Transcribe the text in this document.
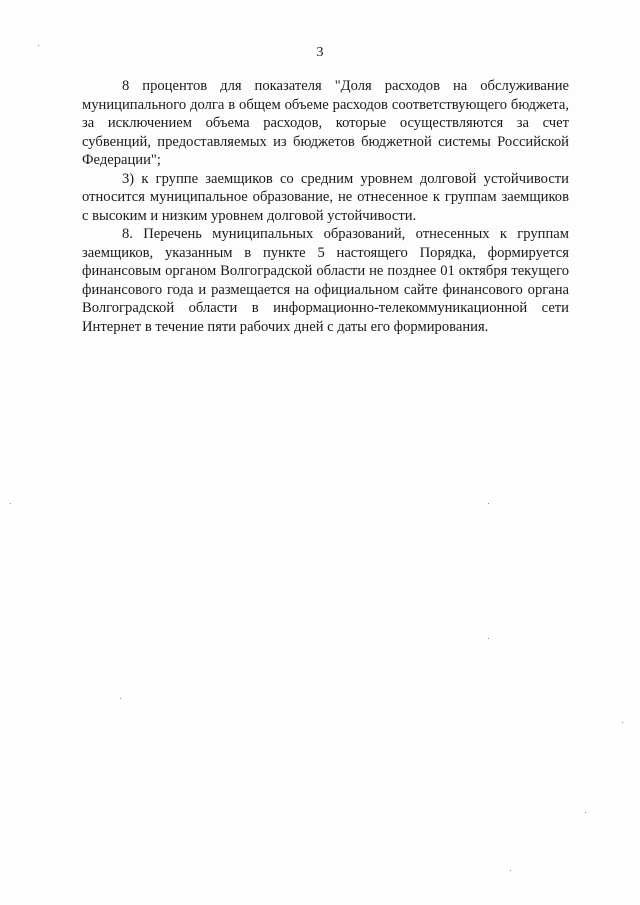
3

8 процентов для показателя "Доля расходов на обслуживание муниципального долга в общем объеме расходов соответствующего бюджета, за исключением объема расходов, которые осуществляются за счет субвенций, предоставляемых из бюджетов бюджетной системы Российской Федерации";

3) к группе заемщиков со средним уровнем долговой устойчивости относится муниципальное образование, не отнесенное к группам заемщиков с высоким и низким уровнем долговой устойчивости.

8. Перечень муниципальных образований, отнесенных к группам заемщиков, указанным в пункте 5 настоящего Порядка, формируется финансовым органом Волгоградской области не позднее 01 октября текущего финансового года и размещается на официальном сайте финансового органа Волгоградской области в информационно-телекоммуникационной сети Интернет в течение пяти рабочих дней с даты его формирования.
